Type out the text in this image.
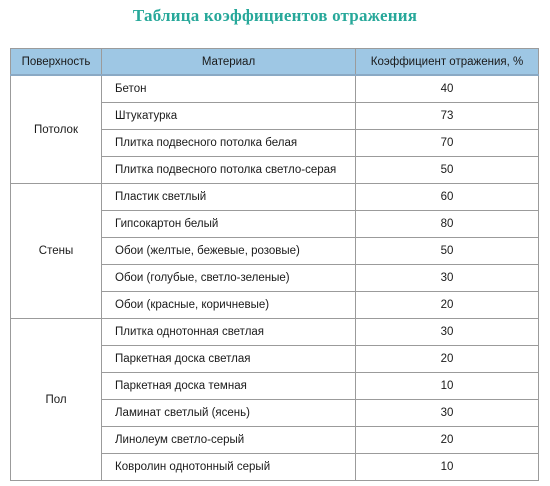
Таблица коэффициентов отражения
Поверхность	Материал	Коэффициент отражения, %
Потолок	Бетон	40
	Штукатурка	73
	Плитка подвесного потолка белая	70
	Плитка подвесного потолка светло-серая	50
Стены	Пластик светлый	60
	Гипсокартон белый	80
	Обои (желтые, бежевые, розовые)	50
	Обои (голубые, светло-зеленые)	30
	Обои (красные, коричневые)	20
Пол	Плитка однотонная светлая	30
	Паркетная доска светлая	20
	Паркетная доска темная	10
	Ламинат светлый (ясень)	30
	Линолеум светло-серый	20
	Ковролин однотонный серый	10
